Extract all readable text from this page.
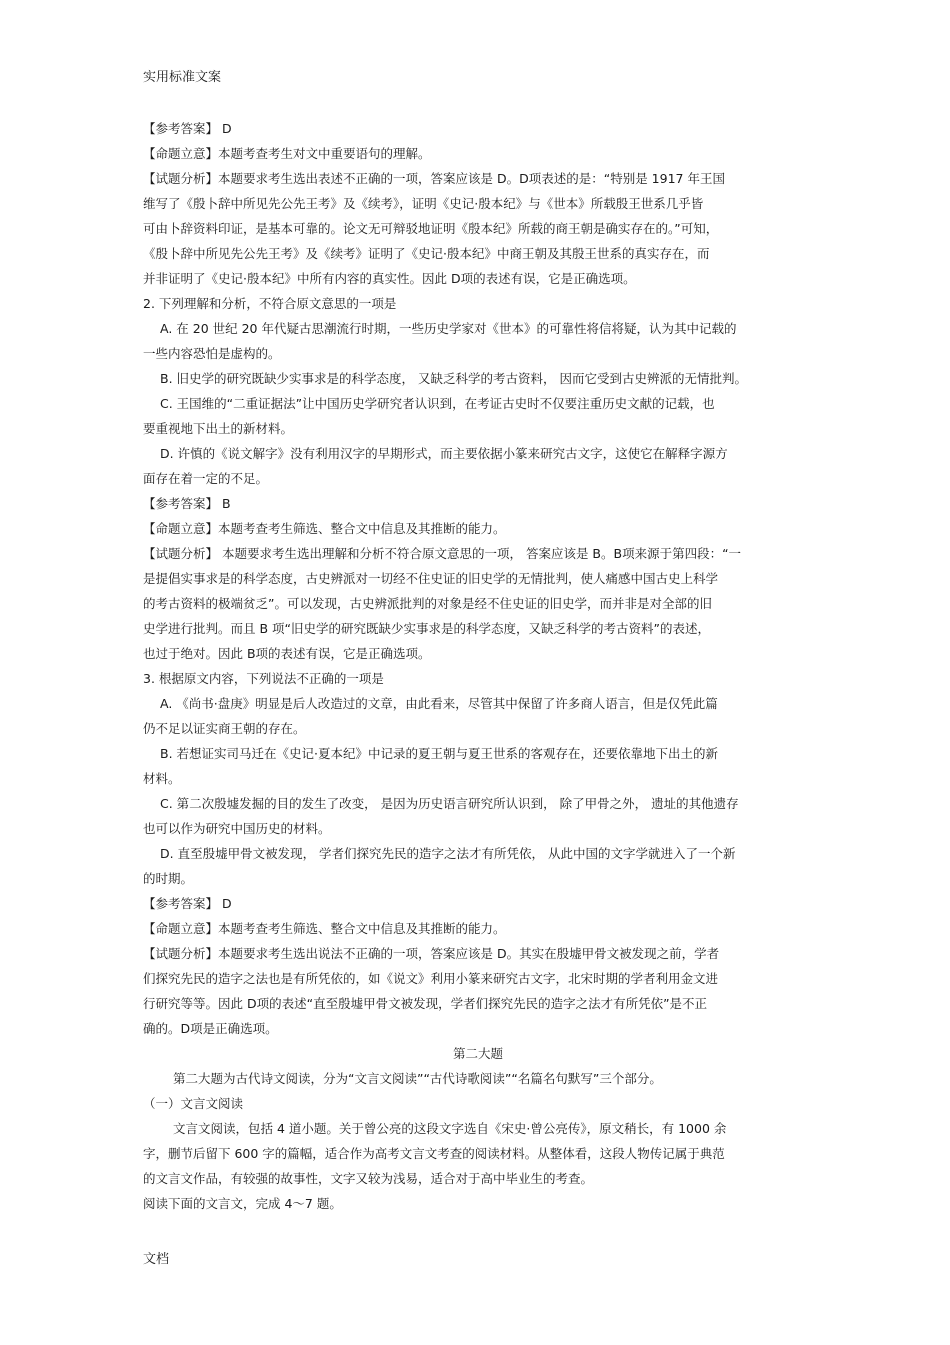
实用标准文案
【参考答案】 D
【命题立意】本题考查考生对文中重要语句的理解。
【试题分析】本题要求考生选出表述不正确的一项，答案应该是 D。D项表述的是：“特别是 1917 年王国
维写了《殷卜辞中所见先公先王考》及《续考》，证明《史记·殷本纪》与《世本》所载殷王世系几乎皆
可由卜辞资料印证，是基本可靠的。论文无可辩驳地证明《殷本纪》所载的商王朝是确实存在的。”可知，
《殷卜辞中所见先公先王考》及《续考》证明了《史记·殷本纪》中商王朝及其殷王世系的真实存在，而
并非证明了《史记·殷本纪》中所有内容的真实性。因此 D项的表述有误，它是正确选项。
2. 下列理解和分析，不符合原文意思的一项是
A. 在 20 世纪 20 年代疑古思潮流行时期，一些历史学家对《世本》的可靠性将信将疑，认为其中记载的
一些内容恐怕是虚构的。
B. 旧史学的研究既缺少实事求是的科学态度， 又缺乏科学的考古资料， 因而它受到古史辨派的无情批判。
C. 王国维的“二重证据法”让中国历史学研究者认识到，在考证古史时不仅要注重历史文献的记载，也
要重视地下出土的新材料。
D. 许慎的《说文解字》没有利用汉字的早期形式，而主要依据小篆来研究古文字，这使它在解释字源方
面存在着一定的不足。
【参考答案】 B
【命题立意】本题考查考生筛选、整合文中信息及其推断的能力。
【试题分析】 本题要求考生选出理解和分析不符合原文意思的一项， 答案应该是 B。B项来源于第四段：“一
是提倡实事求是的科学态度，古史辨派对一切经不住史证的旧史学的无情批判，使人痛感中国古史上科学
的考古资料的极端贫乏”。可以发现，古史辨派批判的对象是经不住史证的旧史学，而并非是对全部的旧
史学进行批判。而且 B 项“旧史学的研究既缺少实事求是的科学态度，又缺乏科学的考古资料”的表述，
也过于绝对。因此 B项的表述有误，它是正确选项。
3. 根据原文内容，下列说法不正确的一项是
A. 《尚书·盘庚》明显是后人改造过的文章，由此看来，尽管其中保留了许多商人语言，但是仅凭此篇
仍不足以证实商王朝的存在。
B. 若想证实司马迁在《史记·夏本纪》中记录的夏王朝与夏王世系的客观存在，还要依靠地下出土的新
材料。
C. 第二次殷墟发掘的目的发生了改变， 是因为历史语言研究所认识到， 除了甲骨之外， 遗址的其他遗存
也可以作为研究中国历史的材料。
D. 直至殷墟甲骨文被发现， 学者们探究先民的造字之法才有所凭依， 从此中国的文字学就进入了一个新
的时期。
【参考答案】 D
【命题立意】本题考查考生筛选、整合文中信息及其推断的能力。
【试题分析】本题要求考生选出说法不正确的一项，答案应该是 D。其实在殷墟甲骨文被发现之前，学者
们探究先民的造字之法也是有所凭依的，如《说文》利用小篆来研究古文字，北宋时期的学者利用金文进
行研究等等。因此 D项的表述“直至殷墟甲骨文被发现，学者们探究先民的造字之法才有所凭依”是不正
确的。D项是正确选项。
第二大题
第二大题为古代诗文阅读，分为“文言文阅读”“古代诗歌阅读”“名篇名句默写”三个部分。
（一）文言文阅读
文言文阅读，包括 4 道小题。关于曾公亮的这段文字选自《宋史·曾公亮传》，原文稍长，有 1000 余
字，删节后留下 600 字的篇幅，适合作为高考文言文考查的阅读材料。从整体看，这段人物传记属于典范
的文言文作品，有较强的故事性，文字又较为浅易，适合对于高中毕业生的考查。
阅读下面的文言文，完成 4～7 题。
文档
